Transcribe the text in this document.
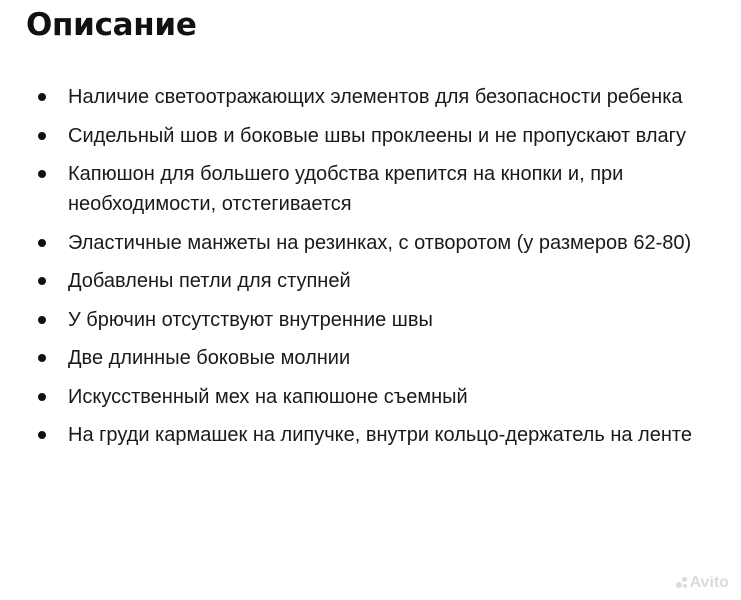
Описание
Наличие светоотражающих элементов для безопасности ребенка
Сидельный шов и боковые швы проклеены и не пропускают влагу
Капюшон для большего удобства крепится на кнопки и, при необходимости, отстегивается
Эластичные манжеты на резинках, с отворотом (у размеров 62-80)
Добавлены петли для ступней
У брючин отсутствуют внутренние швы
Две длинные боковые молнии
Искусственный мех на капюшоне съемный
На груди кармашек на липучке, внутри кольцо-держатель на ленте
Avito
